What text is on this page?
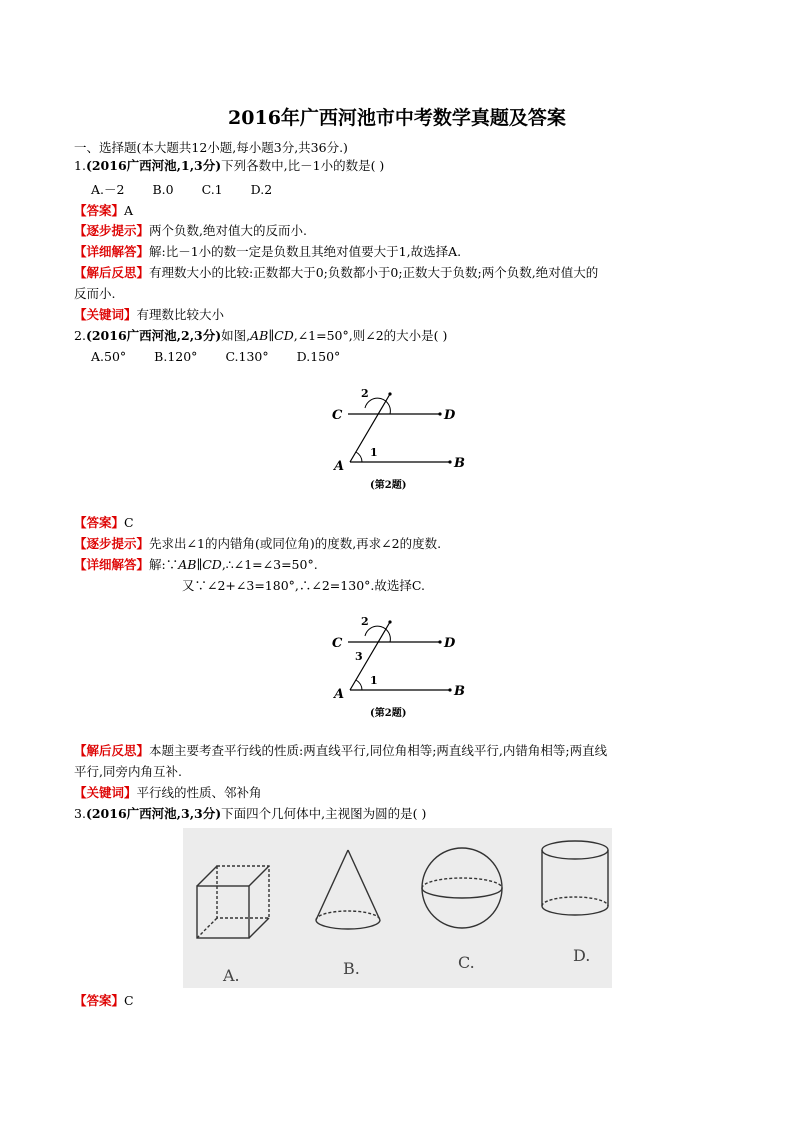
2016年广西河池市中考数学真题及答案
一、选择题(本大题共12小题,每小题3分,共36分.)
1.(2016广西河池,1,3分)下列各数中,比－1小的数是( )
A.－2 B.0 C.1 D.2
【答案】A
【逐步提示】两个负数,绝对值大的反而小.
【详细解答】解:比－1小的数一定是负数且其绝对值要大于1,故选择A.
【解后反思】有理数大小的比较:正数都大于0;负数都小于0;正数大于负数;两个负数,绝对值大的
反而小.
【关键词】有理数比较大小
2.(2016广西河池,2,3分)如图,AB∥CD,∠1=50°,则∠2的大小是( )
A.50° B.120° C.130° D.150°
C	D
A	B
1
2
(第2题)
【答案】C
【逐步提示】先求出∠1的内错角(或同位角)的度数,再求∠2的度数.
【详细解答】解:∵AB∥CD,∴∠1=∠3=50°.
又∵∠2+∠3=180°,∴∠2=130°.故选择C.
C	D
A	B
1
2
3
(第2题)
【解后反思】本题主要考查平行线的性质:两直线平行,同位角相等;两直线平行,内错角相等;两直线
平行,同旁内角互补.
【关键词】平行线的性质、邻补角
3.(2016广西河池,3,3分)下面四个几何体中,主视图为圆的是( )
A.	B.	C.	D.
【答案】C
